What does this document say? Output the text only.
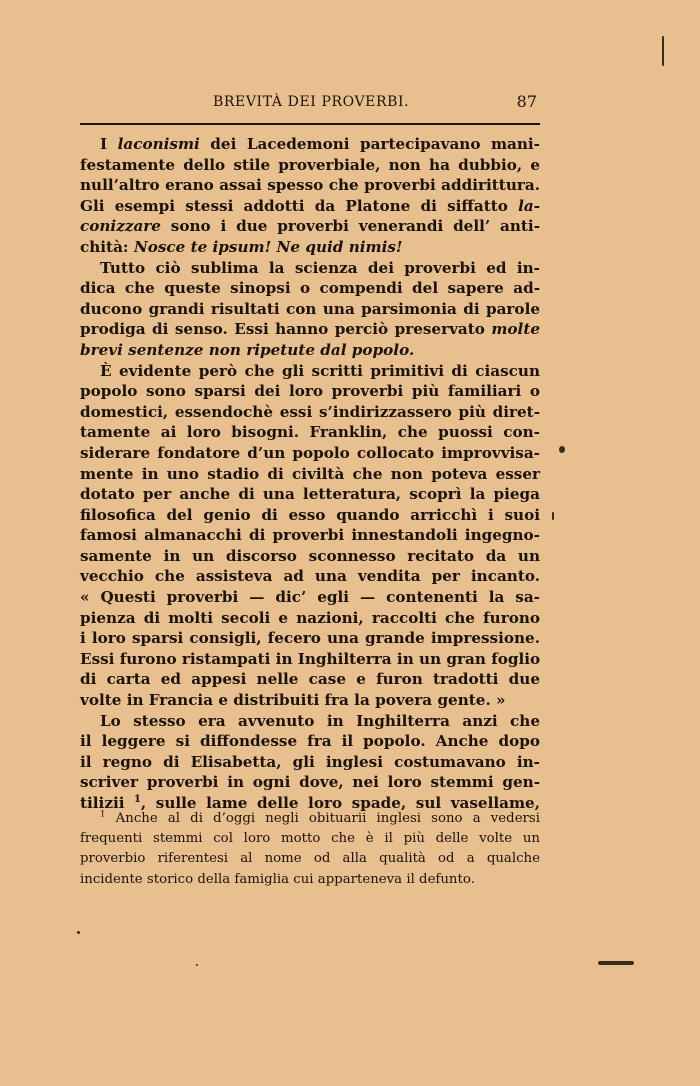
BREVITÀ DEI PROVERBI.	87
I laconismi dei Lacedemoni partecipavano mani-
festamente dello stile proverbiale, non ha dubbio, e
null’altro erano assai spesso che proverbi addirittura.
Gli esempi stessi addotti da Platone di siffatto la-
conizzare sono i due proverbi venerandi dell’ anti-
chità: Nosce te ipsum! Ne quid nimis!
Tutto ciò sublima la scienza dei proverbi ed in-
dica che queste sinopsi o compendi del sapere ad-
ducono grandi risultati con una parsimonia di parole
prodiga di senso. Essi hanno perciò preservato molte
brevi sentenze non ripetute dal popolo.
È evidente però che gli scritti primitivi di ciascun
popolo sono sparsi dei loro proverbi più familiari o
domestici, essendochè essi s’indirizzassero più diret-
tamente ai loro bisogni. Franklin, che puossi con-
siderare fondatore d’un popolo collocato improvvisa-
mente in uno stadio di civiltà che non poteva esser
dotato per anche di una letteratura, scoprì la piega
filosofica del genio di esso quando arricchì i suoi
famosi almanacchi di proverbi innestandoli ingegno-
samente in un discorso sconnesso recitato da un
vecchio che assisteva ad una vendita per incanto.
« Questi proverbi — dic’ egli — contenenti la sa-
pienza di molti secoli e nazioni, raccolti che furono
i loro sparsi consigli, fecero una grande impressione.
Essi furono ristampati in Inghilterra in un gran foglio
di carta ed appesi nelle case e furon tradotti due
volte in Francia e distribuiti fra la povera gente. »
Lo stesso era avvenuto in Inghilterra anzi che
il leggere si diffondesse fra il popolo. Anche dopo
il regno di Elisabetta, gli inglesi costumavano in-
scriver proverbi in ogni dove, nei loro stemmi gen-
tilizii $^1$, sulle lame delle loro spade, sul vasellame,
$^1$ Anche al di d’oggi negli obituarii inglesi sono a vedersi
frequenti stemmi col loro motto che è il più delle volte un
proverbio riferentesi al nome od alla qualità od a qualche
incidente storico della famiglia cui apparteneva il defunto.
